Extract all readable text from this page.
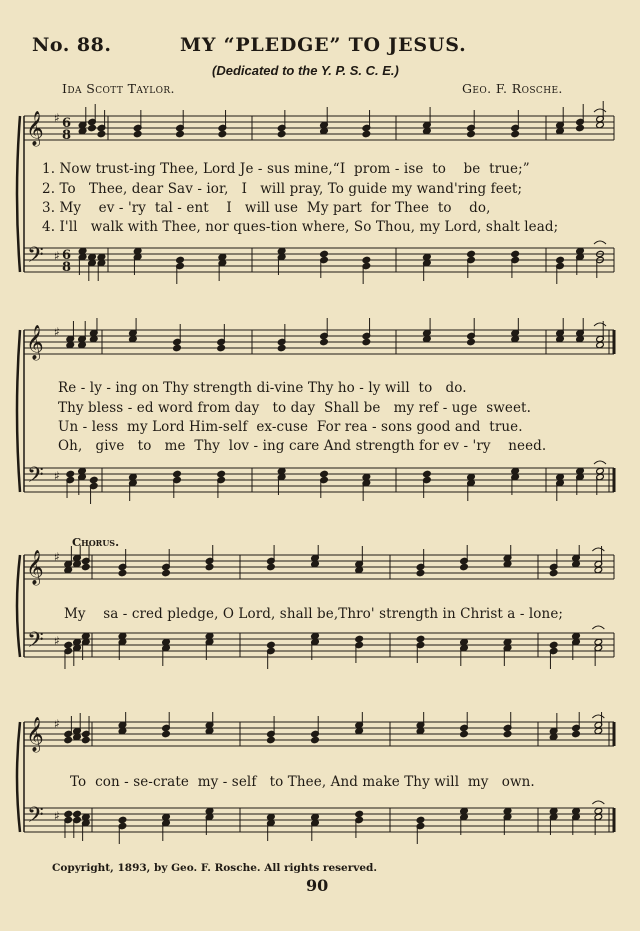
No. 88.	MY “PLEDGE” TO JESUS.
(Dedicated to the Y. P. S. C. E.)
Ida Scott Taylor.	Geo. F. Rosche.
𝄞
𝄢
♯
♯
6
8
6
8
1. Now trust-ing Thee, Lord Je - sus mine,“I  prom - ise  to    be  true;”
2. To   Thee, dear Sav - ior,   I   will pray, To guide my wand'ring feet;
3. My    ev - 'ry  tal - ent    I   will use  My part  for Thee  to    do,
4. I'll   walk with Thee, nor ques-tion where, So Thou, my Lord, shalt lead;
𝄞
𝄢
♯
♯
Re - ly - ing on Thy strength di-vine Thy ho - ly will  to   do.
Thy bless - ed word from day   to day  Shall be   my ref - uge  sweet.
Un - less  my Lord Him-self  ex-cuse  For rea - sons good and  true.
Oh,   give   to   me  Thy  lov - ing care And strength for ev - 'ry    need.
Chorus.
𝄞
𝄢
♯
♯
My    sa - cred pledge, O Lord, shall be,Thro' strength in Christ a - lone;
𝄞
𝄢
♯
♯
To  con - se-crate  my - self   to Thee, And make Thy will  my   own.
Copyright, 1893, by Geo. F. Rosche. All rights reserved.
90
